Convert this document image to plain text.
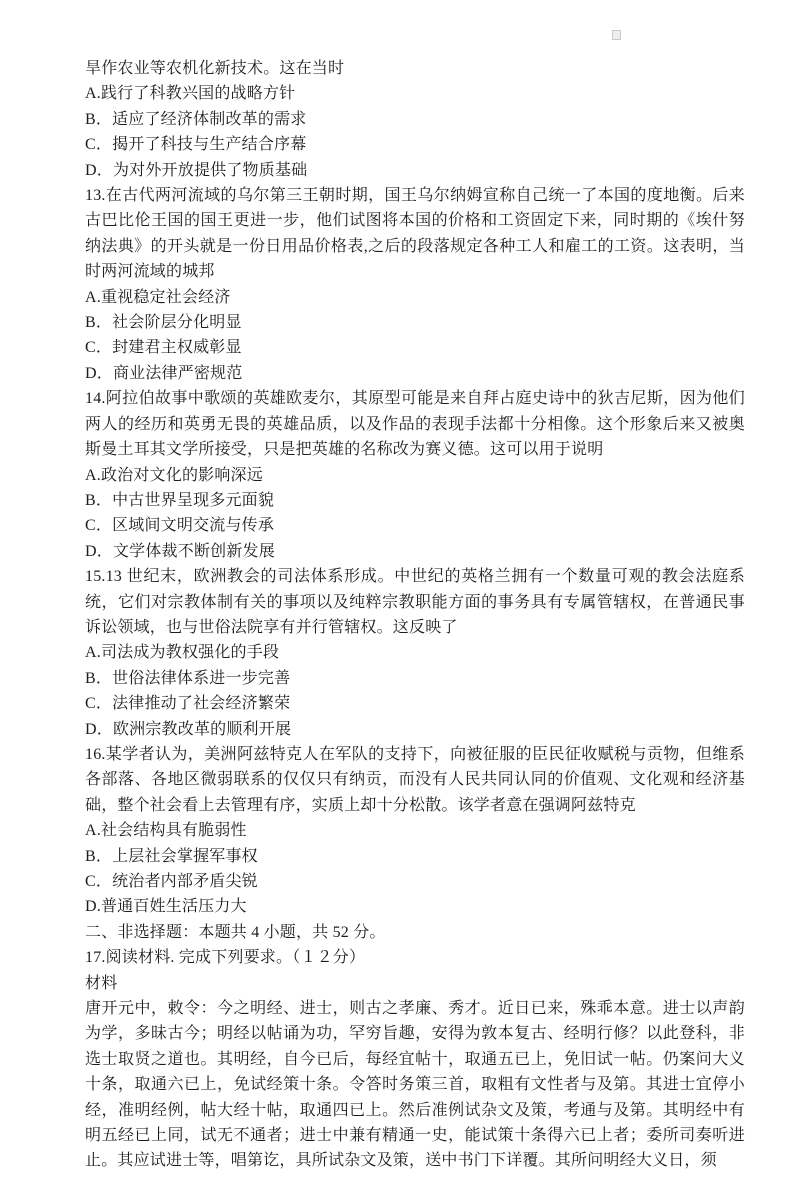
旱作农业等农机化新技术。这在当时

A.践行了科教兴国的战略方针

B．适应了经济体制改革的需求

C．揭开了科技与生产结合序幕

D．为对外开放提供了物质基础

13.在古代两河流域的乌尔第三王朝时期，国王乌尔纳姆宣称自己统一了本国的度地衡。后来古巴比伦王国的国王更进一步，他们试图将本国的价格和工资固定下来，同时期的《埃什努纳法典》的开头就是一份日用品价格表,之后的段落规定各种工人和雇工的工资。这表明，当时两河流域的城邦

A.重视稳定社会经济

B．社会阶层分化明显

C．封建君主权威彰显

D．商业法律严密规范

14.阿拉伯故事中歌颂的英雄欧麦尔，其原型可能是来自拜占庭史诗中的狄吉尼斯，因为他们两人的经历和英勇无畏的英雄品质，以及作品的表现手法都十分相像。这个形象后来又被奥斯曼土耳其文学所接受，只是把英雄的名称改为赛义德。这可以用于说明

A.政治对文化的影响深远

B．中古世界呈现多元面貌

C．区域间文明交流与传承

D．文学体裁不断创新发展

15.13 世纪末，欧洲教会的司法体系形成。中世纪的英格兰拥有一个数量可观的教会法庭系统，它们对宗教体制有关的事项以及纯粹宗教职能方面的事务具有专属管辖权，在普通民事诉讼领域，也与世俗法院享有并行管辖权。这反映了

A.司法成为教权强化的手段

B．世俗法律体系进一步完善

C．法律推动了社会经济繁荣

D．欧洲宗教改革的顺利开展

16.某学者认为，美洲阿兹特克人在军队的支持下，向被征服的臣民征收赋税与贡物，但维系各部落、各地区微弱联系的仅仅只有纳贡，而没有人民共同认同的价值观、文化观和经济基础，整个社会看上去管理有序，实质上却十分松散。该学者意在强调阿兹特克

A.社会结构具有脆弱性

B．上层社会掌握军事权

C．统治者内部矛盾尖锐

D.普通百姓生活压力大

二、非选择题：本题共 4 小题，共 52 分。

17.阅读材料. 完成下列要求。（１２分）

材料

唐开元中，敕令：今之明经、进士，则古之孝廉、秀才。近日已来，殊乖本意。进士以声韵为学，多昧古今；明经以帖诵为功，罕穷旨趣，安得为敦本复古、经明行修？以此登科，非选士取贤之道也。其明经，自今已后，每经宜帖十，取通五已上，免旧试一帖。仍案问大义十条，取通六已上，免试经策十条。令答时务策三首，取粗有文性者与及第。其进士宜停小经，准明经例，帖大经十帖，取通四已上。然后准例试杂文及策，考通与及第。其明经中有明五经已上同，试无不通者；进士中兼有精通一史，能试策十条得六已上者；委所司奏听进止。其应试进士等，唱第讫，具所试杂文及策，送中书门下详覆。其所问明经大义日，须
